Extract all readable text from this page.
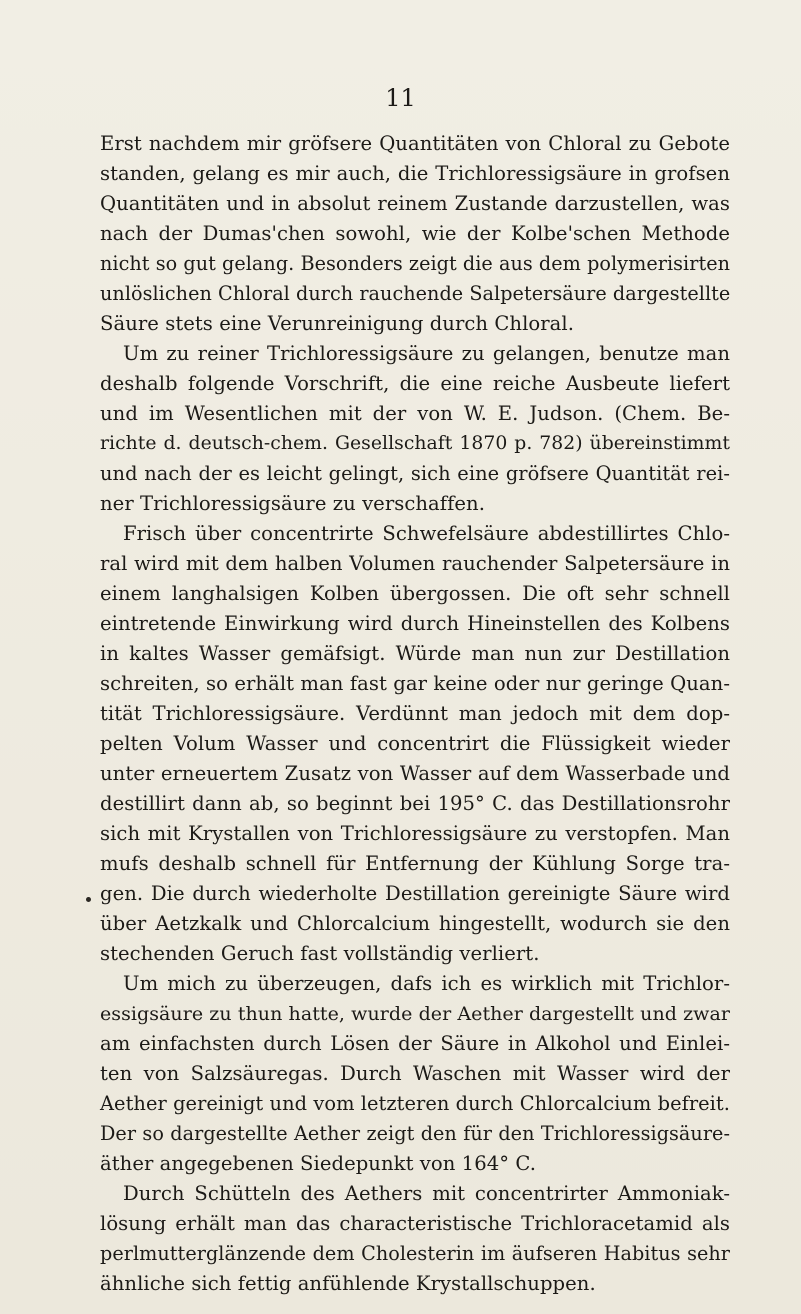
11
Erst nachdem mir gröfsere Quantitäten von Chloral zu Gebote
standen, gelang es mir auch, die Trichloressigsäure in grofsen
Quantitäten und in absolut reinem Zustande darzustellen, was
nach der Dumas'chen sowohl, wie der Kolbe'schen Methode
nicht so gut gelang. Besonders zeigt die aus dem polymerisirten
unlöslichen Chloral durch rauchende Salpetersäure dargestellte
Säure stets eine Verunreinigung durch Chloral.
Um zu reiner Trichloressigsäure zu gelangen, benutze man
deshalb folgende Vorschrift, die eine reiche Ausbeute liefert
und im Wesentlichen mit der von W. E. Judson. (Chem. Be-
richte d. deutsch-chem. Gesellschaft 1870 p. 782) übereinstimmt
und nach der es leicht gelingt, sich eine gröfsere Quantität rei-
ner Trichloressigsäure zu verschaffen.
Frisch über concentrirte Schwefelsäure abdestillirtes Chlo-
ral wird mit dem halben Volumen rauchender Salpetersäure in
einem langhalsigen Kolben übergossen. Die oft sehr schnell
eintretende Einwirkung wird durch Hineinstellen des Kolbens
in kaltes Wasser gemäfsigt. Würde man nun zur Destillation
schreiten, so erhält man fast gar keine oder nur geringe Quan-
tität Trichloressigsäure. Verdünnt man jedoch mit dem dop-
pelten Volum Wasser und concentrirt die Flüssigkeit wieder
unter erneuertem Zusatz von Wasser auf dem Wasserbade und
destillirt dann ab, so beginnt bei 195° C. das Destillationsrohr
sich mit Krystallen von Trichloressigsäure zu verstopfen. Man
mufs deshalb schnell für Entfernung der Kühlung Sorge tra-
gen. Die durch wiederholte Destillation gereinigte Säure wird
über Aetzkalk und Chlorcalcium hingestellt, wodurch sie den
stechenden Geruch fast vollständig verliert.
Um mich zu überzeugen, dafs ich es wirklich mit Trichlor-
essigsäure zu thun hatte, wurde der Aether dargestellt und zwar
am einfachsten durch Lösen der Säure in Alkohol und Einlei-
ten von Salzsäuregas. Durch Waschen mit Wasser wird der
Aether gereinigt und vom letzteren durch Chlorcalcium befreit.
Der so dargestellte Aether zeigt den für den Trichloressigsäure-
äther angegebenen Siedepunkt von 164° C.
Durch Schütteln des Aethers mit concentrirter Ammoniak-
lösung erhält man das characteristische Trichloracetamid als
perlmutterglänzende dem Cholesterin im äufseren Habitus sehr
ähnliche sich fettig anfühlende Krystallschuppen.
